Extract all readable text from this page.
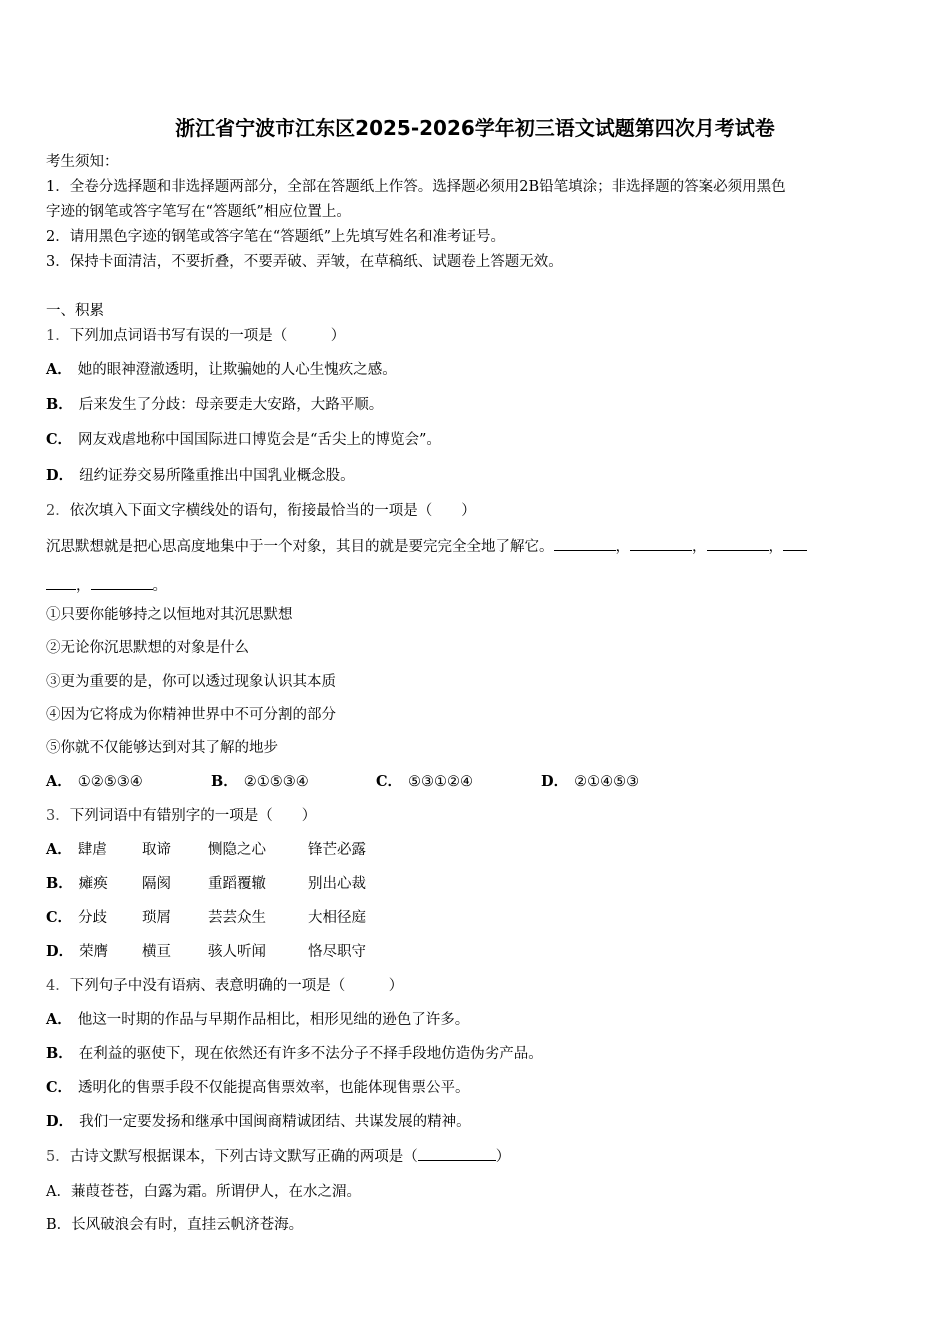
浙江省宁波市江东区2025-2026学年初三语文试题第四次月考试卷
考生须知：
1．全卷分选择题和非选择题两部分，全部在答题纸上作答。选择题必须用2B铅笔填涂；非选择题的答案必须用黑色
字迹的钢笔或答字笔写在“答题纸”相应位置上。
2．请用黑色字迹的钢笔或答字笔在“答题纸”上先填写姓名和准考证号。
3．保持卡面清洁，不要折叠，不要弄破、弄皱，在草稿纸、试题卷上答题无效。
一、积累
1．下列加点词语书写有误的一项是（　　　）
A． 她的眼神澄澈透明，让欺骗她的人心生愧疚之感。
B． 后来发生了分歧：母亲要走大安路，大路平顺。
C． 网友戏虐地称中国国际进口博览会是“舌尖上的博览会”。
D． 纽约证券交易所隆重推出中国乳业概念股。
2．依次填入下面文字横线处的语句，衔接最恰当的一项是（　　）
沉思默想就是把心思高度地集中于一个对象，其目的就是要完完全全地了解它。	，	，	，
，	。
①只要你能够持之以恒地对其沉思默想
②无论你沉思默想的对象是什么
③更为重要的是，你可以透过现象认识其本质
④因为它将成为你精神世界中不可分割的部分
⑤你就不仅能够达到对其了解的地步
A． ①②⑤③④	B． ②①⑤③④	C． ⑤③①②④	D． ②①④⑤③
3．下列词语中有错别字的一项是（　　）
A． 肆虐 取谛	恻隐之心	锋芒必露
B． 瘫痪 隔阂	重蹈覆辙	别出心裁
C． 分歧 琐屑	芸芸众生	大相径庭
D． 荣膺 横亘	骇人听闻	恪尽职守
4．下列句子中没有语病、表意明确的一项是（　　　）
A． 他这一时期的作品与早期作品相比，相形见绌的逊色了许多。
B． 在利益的驱使下，现在依然还有许多不法分子不择手段地仿造伪劣产品。
C． 透明化的售票手段不仅能提高售票效率，也能体现售票公平。
D． 我们一定要发扬和继承中国闽商精诚团结、共谋发展的精神。
5．古诗文默写根据课本，下列古诗文默写正确的两项是（	）
A．蒹葭苍苍，白露为霜。所谓伊人，在水之湄。
B．长风破浪会有时，直挂云帆济苍海。
